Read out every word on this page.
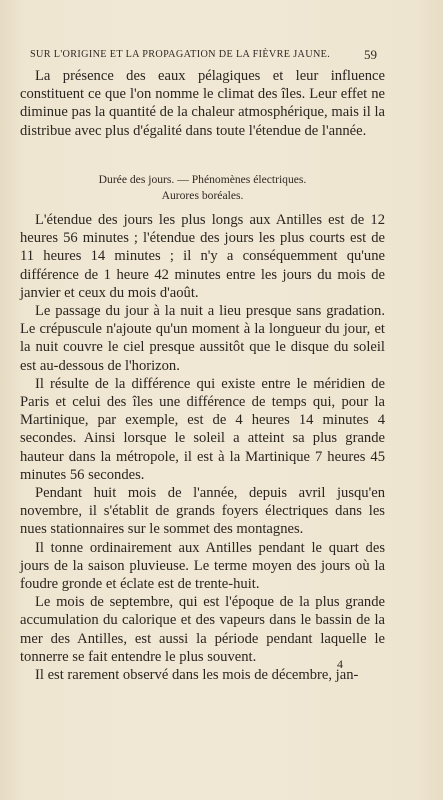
SUR L'ORIGINE ET LA PROPAGATION DE LA FIÈVRE JAUNE.	59

La présence des eaux pélagiques et leur influence constituent ce que l'on nomme le climat des îles. Leur effet ne diminue pas la quantité de la chaleur atmosphérique, mais il la distribue avec plus d'égalité dans toute l'étendue de l'année.

Durée des jours. — Phénomènes électriques.
Aurores boréales.

L'étendue des jours les plus longs aux Antilles est de 12 heures 56 minutes ; l'étendue des jours les plus courts est de 11 heures 14 minutes ; il n'y a conséquemment qu'une différence de 1 heure 42 minutes entre les jours du mois de janvier et ceux du mois d'août.

Le passage du jour à la nuit a lieu presque sans gradation. Le crépuscule n'ajoute qu'un moment à la longueur du jour, et la nuit couvre le ciel presque aussitôt que le disque du soleil est au-dessous de l'horizon.

Il résulte de la différence qui existe entre le méridien de Paris et celui des îles une différence de temps qui, pour la Martinique, par exemple, est de 4 heures 14 minutes 4 secondes. Ainsi lorsque le soleil a atteint sa plus grande hauteur dans la métropole, il est à la Martinique 7 heures 45 minutes 56 secondes.

Pendant huit mois de l'année, depuis avril jusqu'en novembre, il s'établit de grands foyers électriques dans les nues stationnaires sur le sommet des montagnes.

Il tonne ordinairement aux Antilles pendant le quart des jours de la saison pluvieuse. Le terme moyen des jours où la foudre gronde et éclate est de trente-huit.

Le mois de septembre, qui est l'époque de la plus grande accumulation du calorique et des vapeurs dans le bassin de la mer des Antilles, est aussi la période pendant laquelle le tonnerre se fait entendre le plus souvent.

Il est rarement observé dans les mois de décembre, jan-

4
